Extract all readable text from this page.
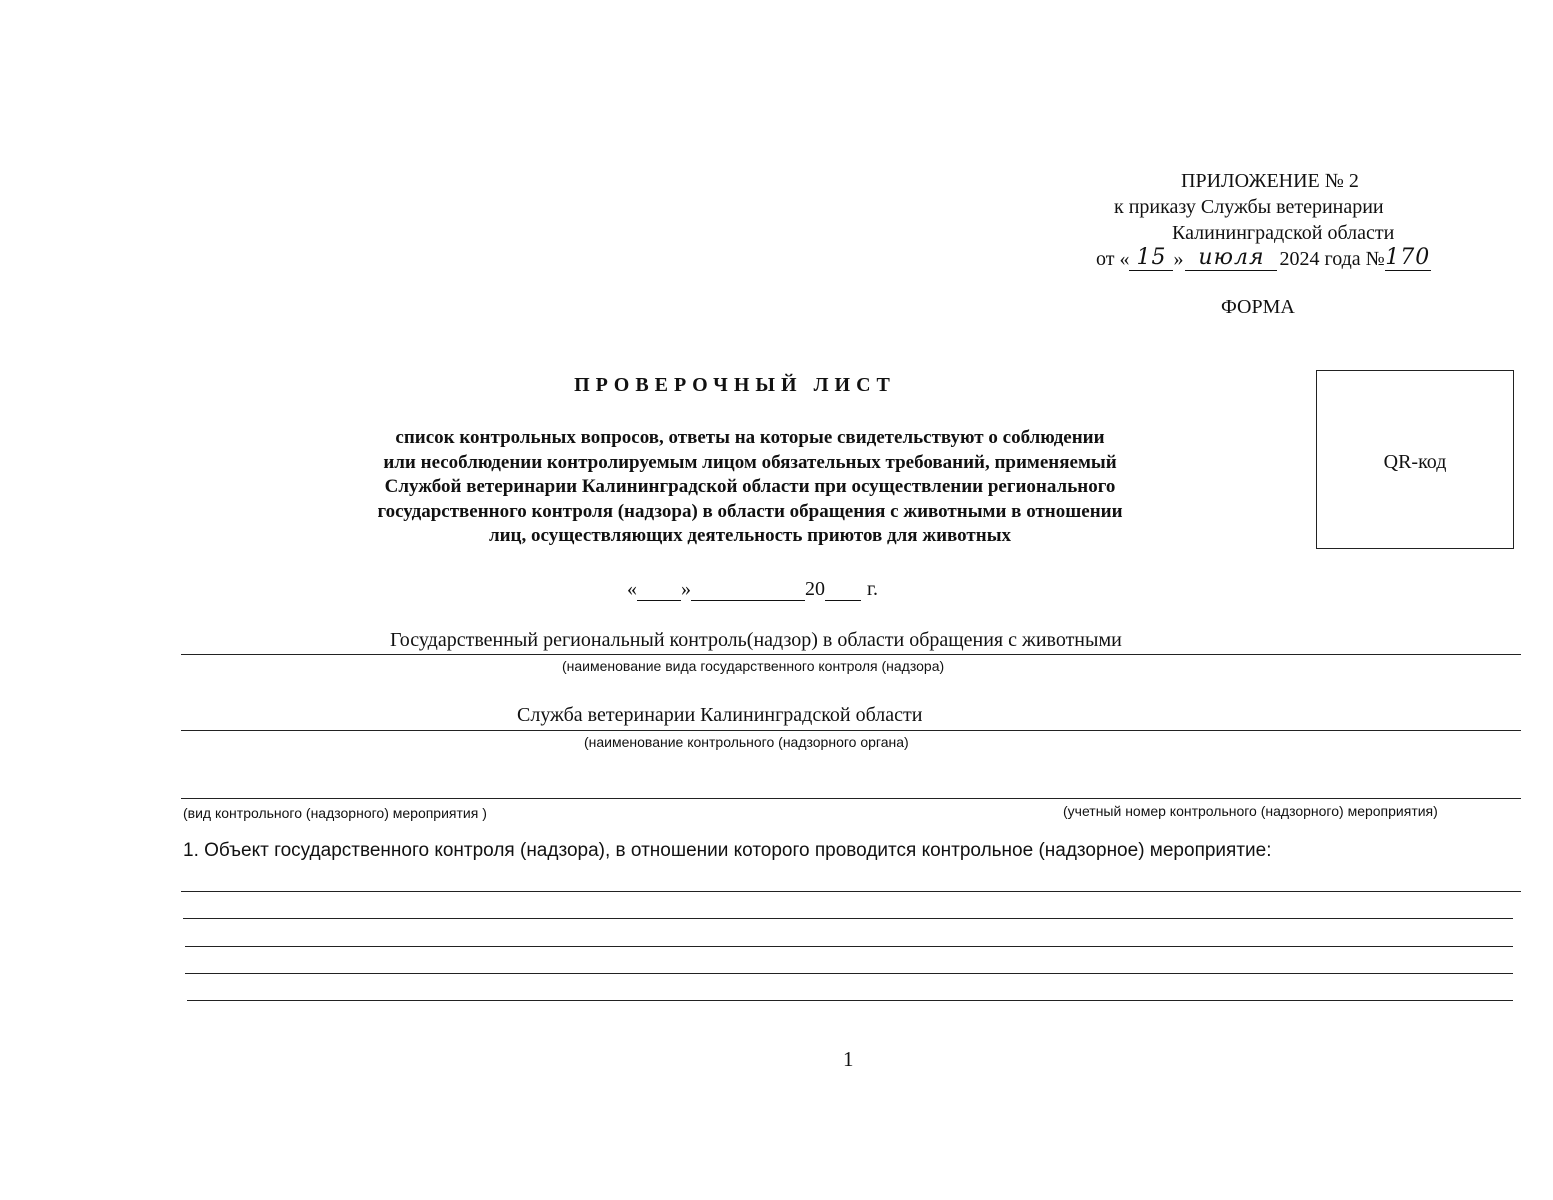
ПРИЛОЖЕНИЕ № 2
к приказу Службы ветеринарии
Калининградской области
от « 15 » июля 2024 года № 170
ФОРМА
QR-код
ПРОВЕРОЧНЫЙ ЛИСТ
список контрольных вопросов, ответы на которые свидетельствуют о соблюдении
или несоблюдении контролируемым лицом обязательных требований, применяемый
Службой ветеринарии Калининградской области при осуществлении регионального
государственного контроля (надзора) в области обращения с животными в отношении
лиц, осуществляющих деятельность приютов для животных
« »	20 г.
Государственный региональный контроль(надзор) в области обращения с животными
(наименование вида государственного контроля (надзора)
Служба ветеринарии Калининградской области
(наименование контрольного (надзорного органа)
(вид контрольного (надзорного) мероприятия )	(учетный номер контрольного (надзорного) мероприятия)
1. Объект государственного контроля (надзора), в отношении которого проводится контрольное (надзорное) мероприятие:
1
